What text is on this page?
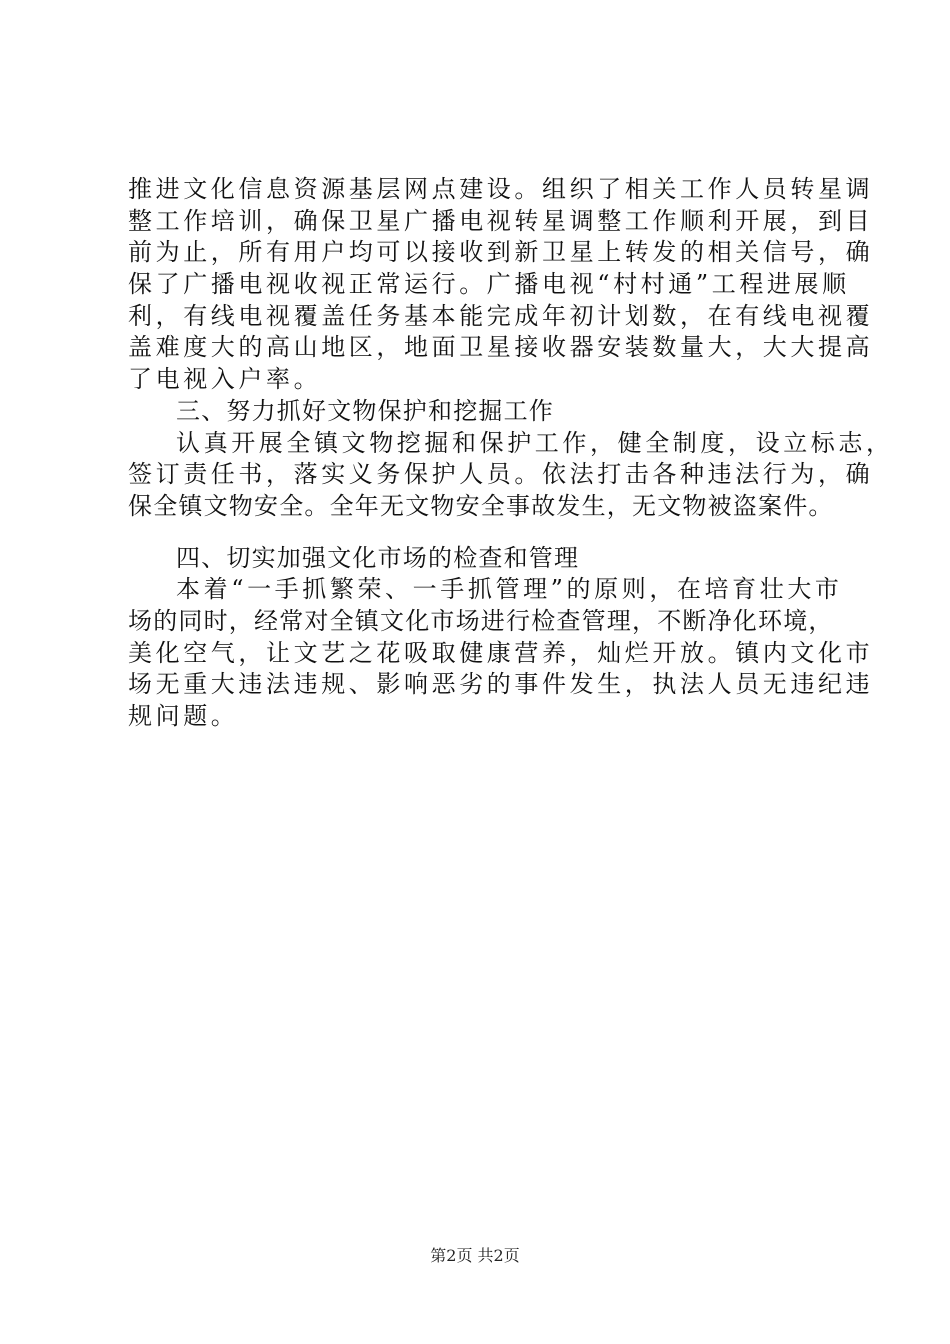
推进文化信息资源基层网点建设。组织了相关工作人员转星调
整工作培训，确保卫星广播电视转星调整工作顺利开展，到目
前为止，所有用户均可以接收到新卫星上转发的相关信号，确
保了广播电视收视正常运行。广播电视“村村通”工程进展顺
利，有线电视覆盖任务基本能完成年初计划数，在有线电视覆
盖难度大的高山地区，地面卫星接收器安装数量大，大大提高
了电视入户率。
三、努力抓好文物保护和挖掘工作
认真开展全镇文物挖掘和保护工作，健全制度，设立标志，
签订责任书，落实义务保护人员。依法打击各种违法行为，确
保全镇文物安全。全年无文物安全事故发生，无文物被盗案件。
四、切实加强文化市场的检查和管理
本着“一手抓繁荣、一手抓管理”的原则，在培育壮大市
场的同时，经常对全镇文化市场进行检查管理，不断净化环境，
美化空气，让文艺之花吸取健康营养，灿烂开放。镇内文化市
场无重大违法违规、影响恶劣的事件发生，执法人员无违纪违
规问题。
第2页 共2页
